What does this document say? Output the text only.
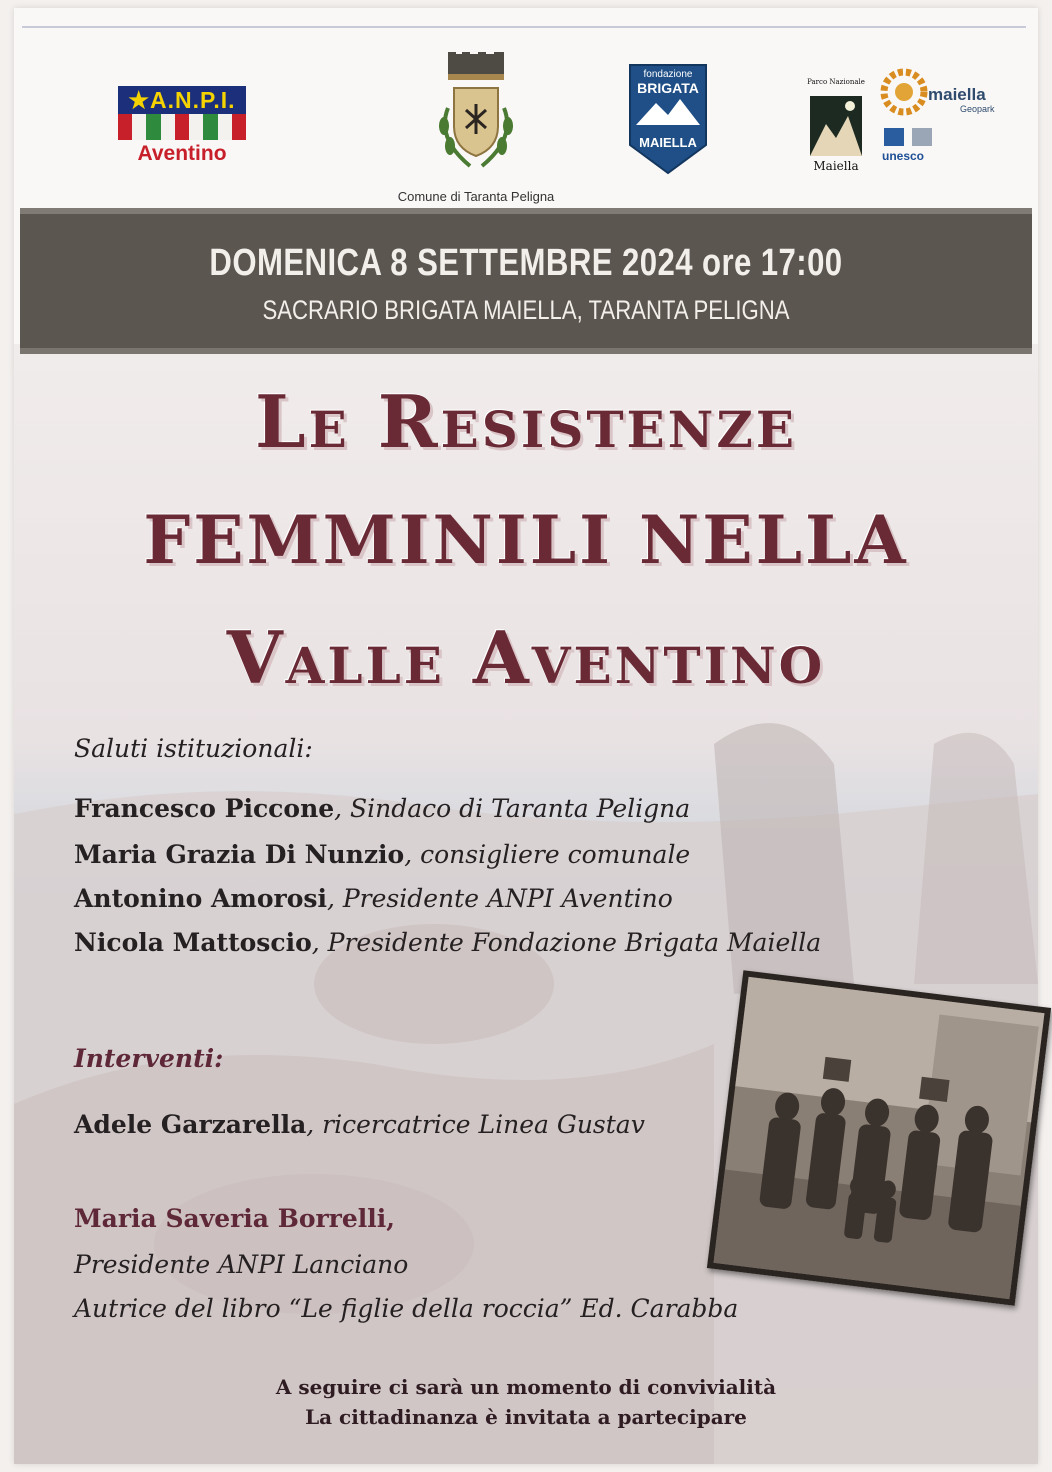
★A.N.P.I.
Aventino
Comune di Taranta Peligna
fondazione
BRIGATA
MAIELLA
Parco Nazionale
Maiella
maiella
Geopark
unesco
DOMENICA 8 SETTEMBRE 2024 ore 17:00
SACRARIO BRIGATA MAIELLA, TARANTA PELIGNA
Le Resistenze
FEMMINILI NELLA
Valle Aventino
Saluti istituzionali:
Francesco Piccone, Sindaco di Taranta Peligna
Maria Grazia Di Nunzio, consigliere comunale
Antonino Amorosi, Presidente ANPI Aventino
Nicola Mattoscio, Presidente Fondazione Brigata Maiella
Interventi:
Adele Garzarella, ricercatrice Linea Gustav
Maria Saveria Borrelli,
Presidente ANPI Lanciano
Autrice del libro “Le figlie della roccia” Ed. Carabba
A seguire ci sarà un momento di convivialità
La cittadinanza è invitata a partecipare
